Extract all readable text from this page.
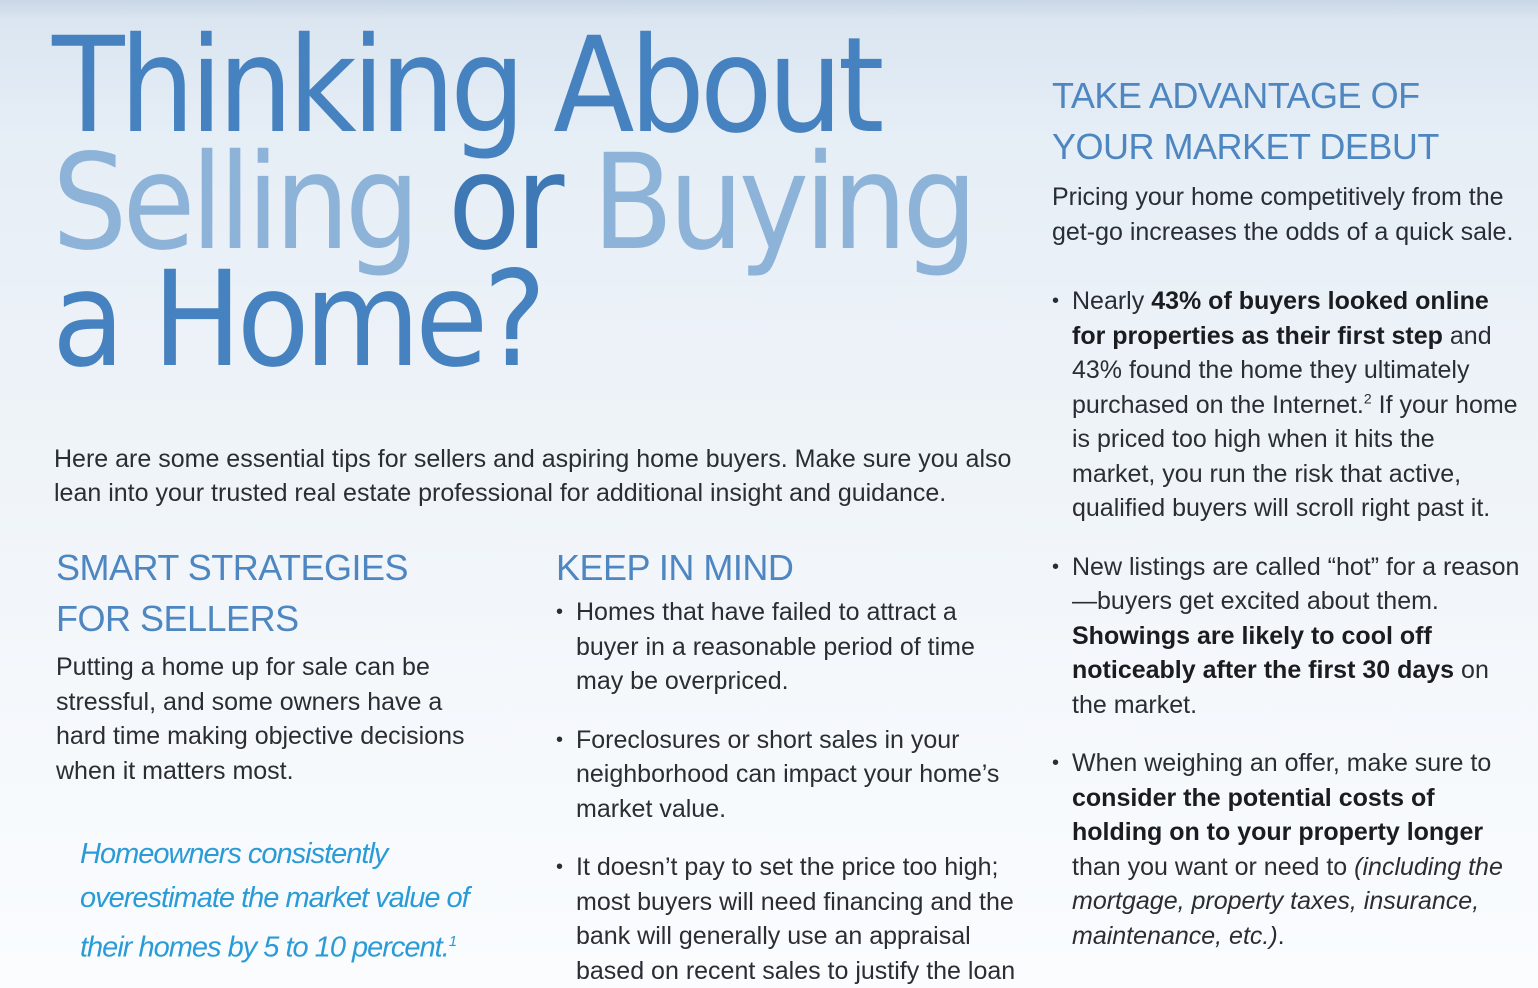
Thinking About
Selling or Buying
a Home?

Here are some essential tips for sellers and aspiring home buyers. Make sure you also lean into your trusted real estate professional for additional insight and guidance.

SMART STRATEGIES
FOR SELLERS

Putting a home up for sale can be stressful, and some owners have a hard time making objective decisions when it matters most.

Homeowners consistently overestimate the market value of their homes by 5 to 10 percent.$^1$

KEEP IN MIND
• Homes that have failed to attract a buyer in a reasonable period of time may be overpriced.
• Foreclosures or short sales in your neighborhood can impact your home’s market value.
• It doesn’t pay to set the price too high; most buyers will need financing and the bank will generally use an appraisal based on recent sales to justify the loan
TAKE ADVANTAGE OF
YOUR MARKET DEBUT

Pricing your home competitively from the get-go increases the odds of a quick sale.

• Nearly 43% of buyers looked online for properties as their first step and 43% found the home they ultimately purchased on the Internet.$^2$ If your home is priced too high when it hits the market, you run the risk that active, qualified buyers will scroll right past it.
• New listings are called “hot” for a reason—buyers get excited about them. Showings are likely to cool off noticeably after the first 30 days on the market.
• When weighing an offer, make sure to consider the potential costs of holding on to your property longer than you want or need to (including the mortgage, property taxes, insurance, maintenance, etc.).
